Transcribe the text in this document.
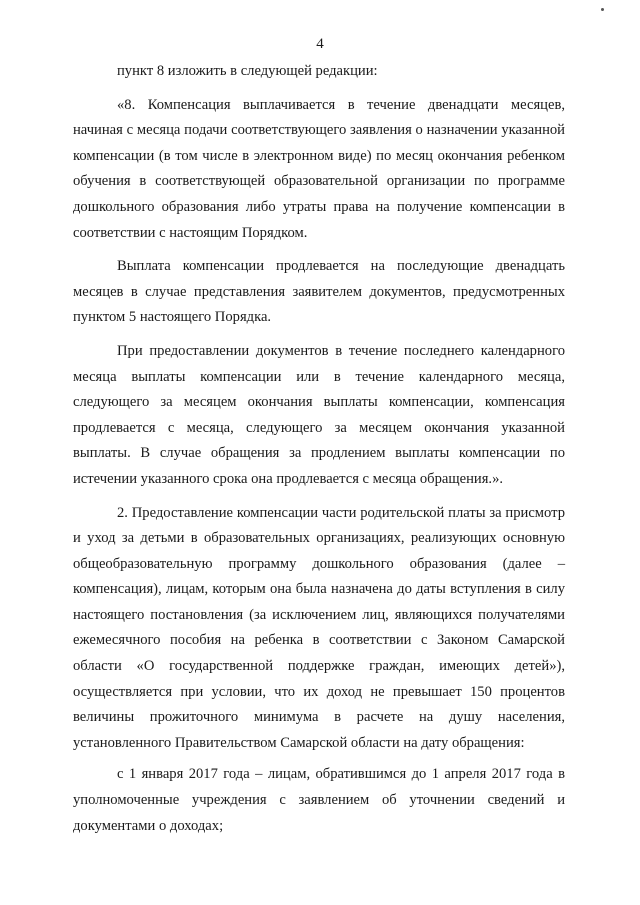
4

пункт 8 изложить в следующей редакции:

«8. Компенсация выплачивается в течение двенадцати месяцев, начиная с месяца подачи соответствующего заявления о назначении указанной компенсации (в том числе в электронном виде) по месяц окончания ребенком обучения в соответствующей образовательной организации по программе дошкольного образования либо утраты права на получение компенсации в соответствии с настоящим Порядком.

Выплата компенсации продлевается на последующие двенадцать месяцев в случае представления заявителем документов, предусмотренных пунктом 5 настоящего Порядка.

При предоставлении документов в течение последнего календарного месяца выплаты компенсации или в течение календарного месяца, следующего за месяцем окончания выплаты компенсации, компенсация продлевается с месяца, следующего за месяцем окончания указанной выплаты. В случае обращения за продлением выплаты компенсации по истечении указанного срока она продлевается с месяца обращения.».

2. Предоставление компенсации части родительской платы за присмотр и уход за детьми в образовательных организациях, реализующих основную общеобразовательную программу дошкольного образования (далее – компенсация), лицам, которым она была назначена до даты вступления в силу настоящего постановления (за исключением лиц, являющихся получателями ежемесячного пособия на ребенка в соответствии с Законом Самарской области «О государственной поддержке граждан, имеющих детей»), осуществляется при условии, что их доход не превышает 150 процентов величины прожиточного минимума в расчете на душу населения, установленного Правительством Самарской области на дату обращения:

с 1 января 2017 года – лицам, обратившимся до 1 апреля 2017 года в уполномоченные учреждения с заявлением об уточнении сведений и документами о доходах;
